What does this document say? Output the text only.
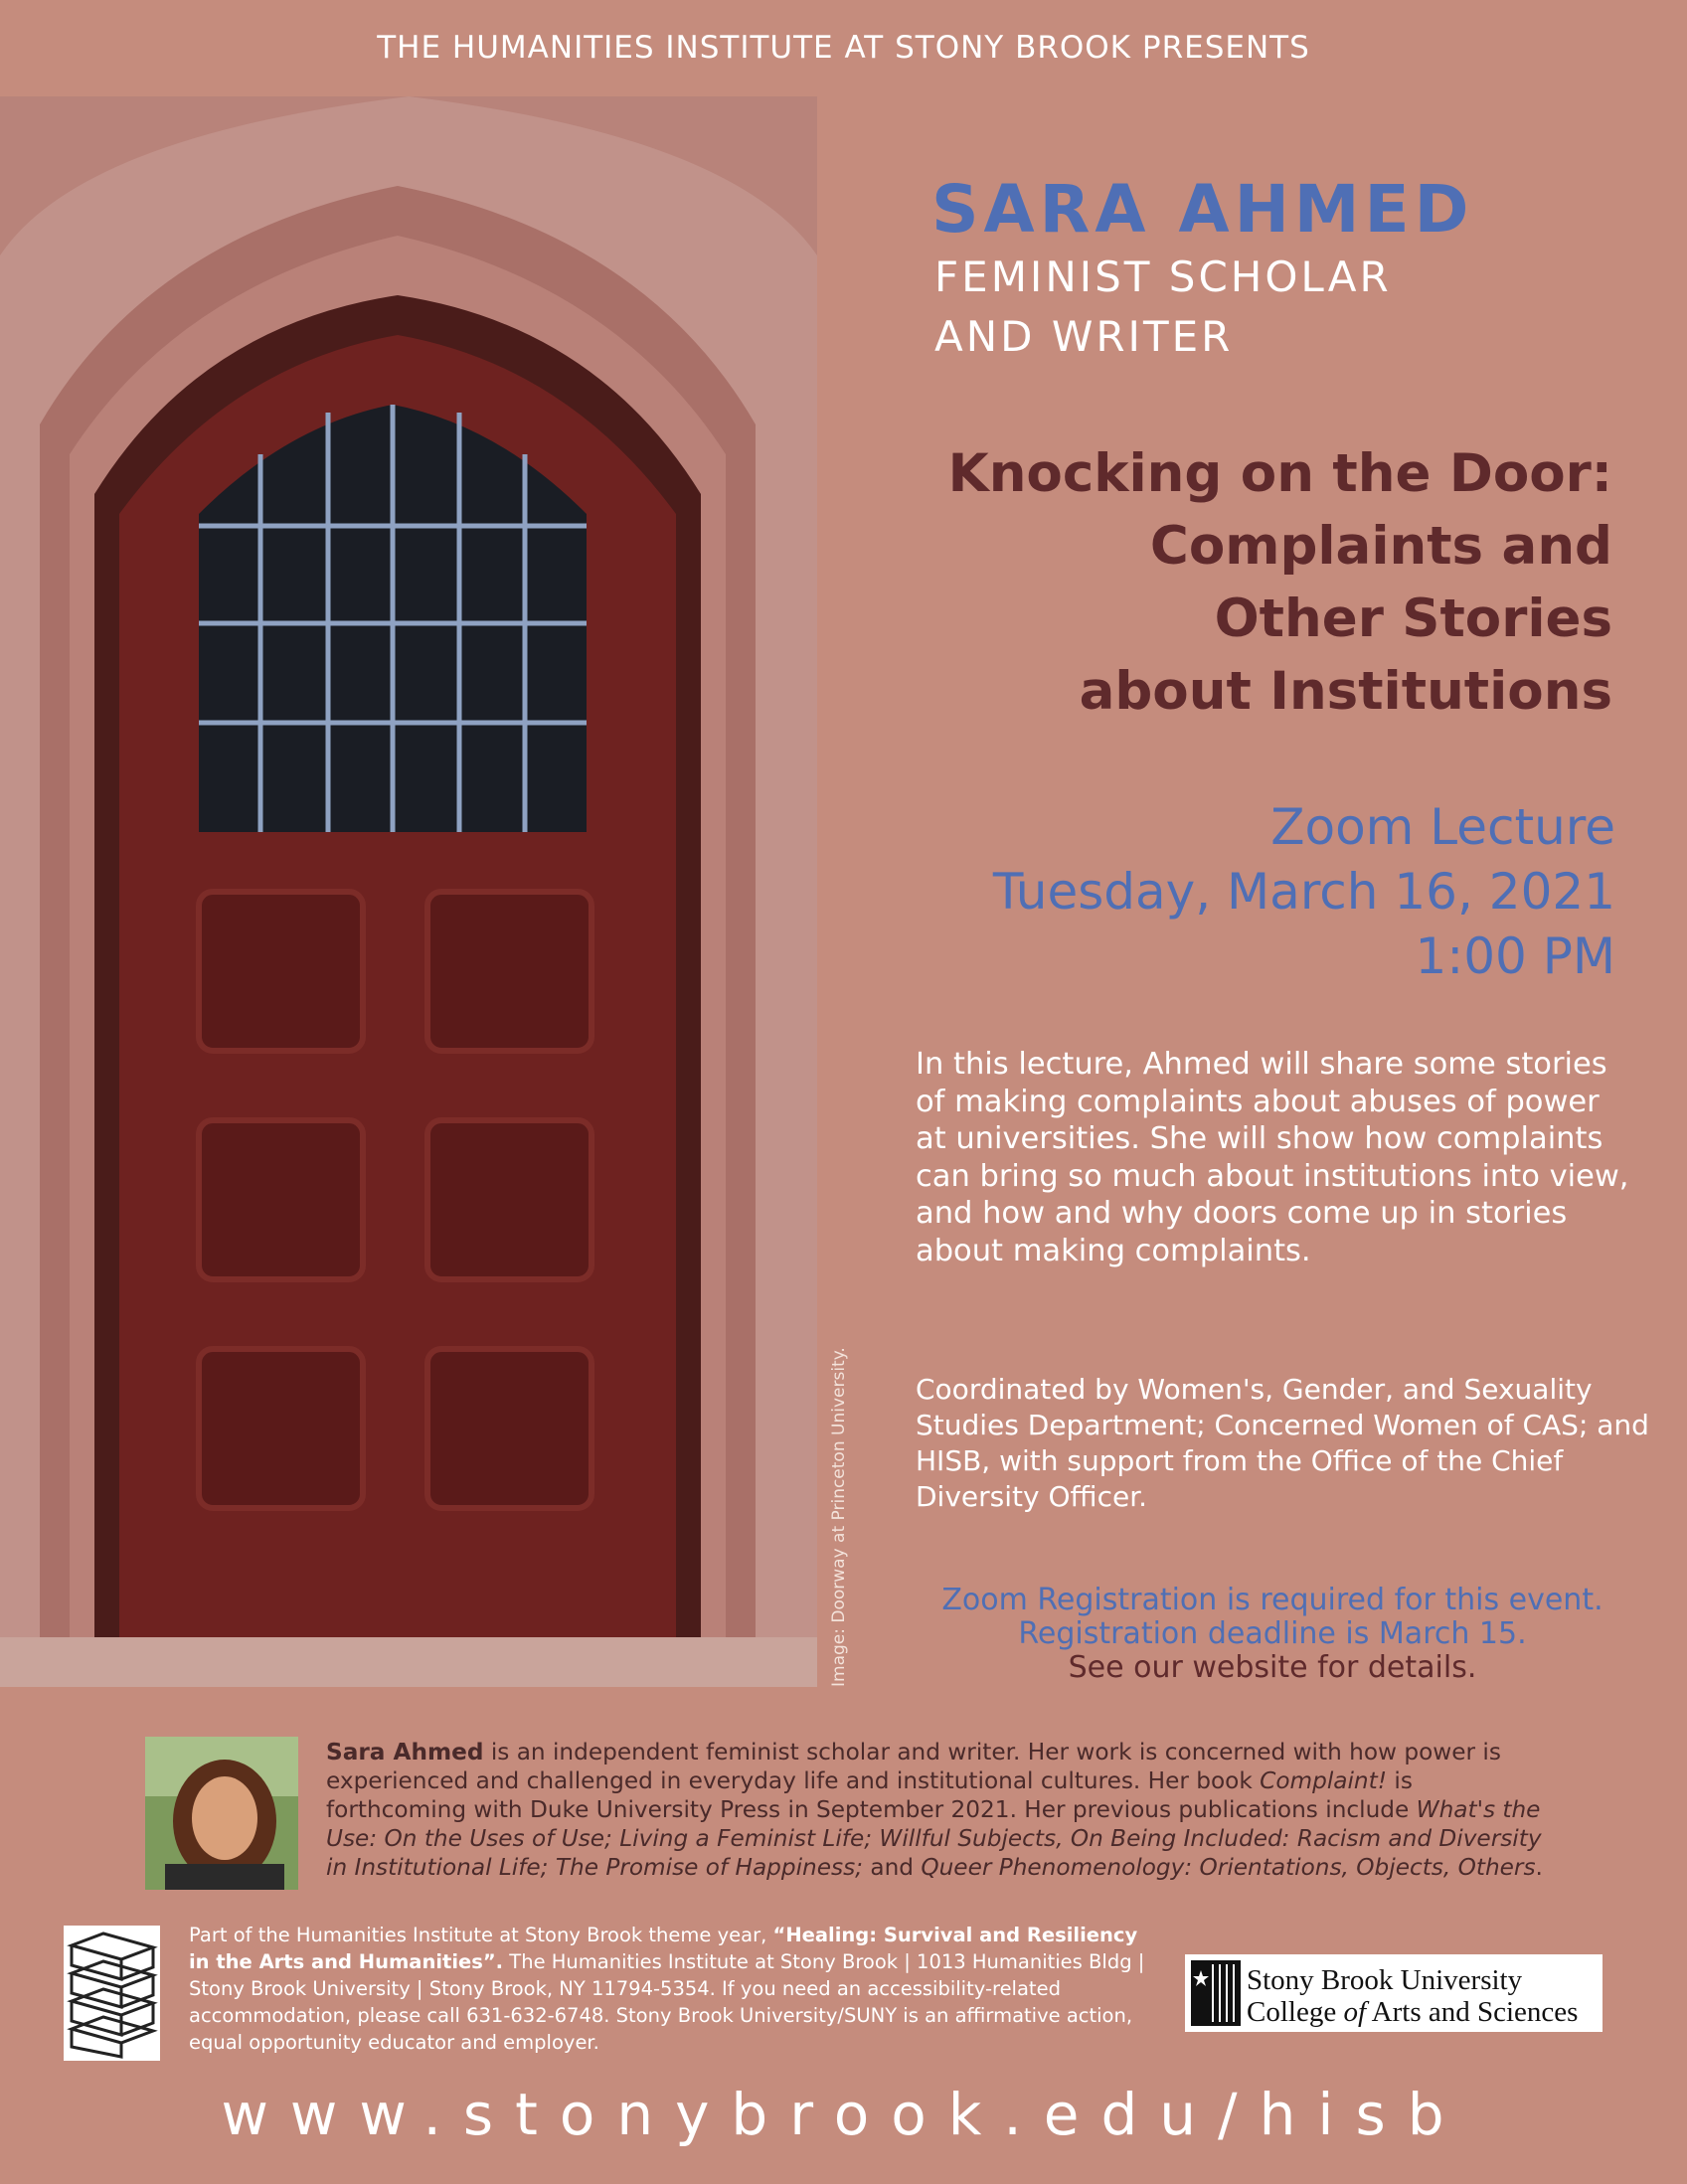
THE HUMANITIES INSTITUTE AT STONY BROOK PRESENTS
Image: Doorway at Princeton University.
SARA AHMED
FEMINIST SCHOLAR
AND WRITER
Knocking on the Door:
Complaints and
Other Stories
about Institutions
Zoom Lecture
Tuesday, March 16, 2021
1:00 PM
In this lecture, Ahmed will share some stories of making complaints about abuses of power at universities. She will show how complaints can bring so much about institutions into view, and how and why doors come up in stories about making complaints.
Coordinated by Women's, Gender, and Sexuality Studies Department; Concerned Women of CAS; and HISB, with support from the Office of the Chief Diversity Officer.
Zoom Registration is required for this event.
Registration deadline is March 15.
See our website for details.
Sara Ahmed is an independent feminist scholar and writer. Her work is concerned with how power is experienced and challenged in everyday life and institutional cultures. Her book Complaint! is forthcoming with Duke University Press in September 2021. Her previous publications include What's the Use: On the Uses of Use; Living a Feminist Life; Willful Subjects, On Being Included: Racism and Diversity in Institutional Life; The Promise of Happiness; and Queer Phenomenology: Orientations, Objects, Others.
Part of the Humanities Institute at Stony Brook theme year, “Healing: Survival and Resiliency in the Arts and Humanities”. The Humanities Institute at Stony Brook | 1013 Humanities Bldg | Stony Brook University | Stony Brook, NY 11794-5354. If you need an accessibility-related accommodation, please call 631-632-6748. Stony Brook University/SUNY is an affirmative action, equal opportunity educator and employer.
Stony Brook University
College of Arts and Sciences
www.stonybrook.edu/hisb
